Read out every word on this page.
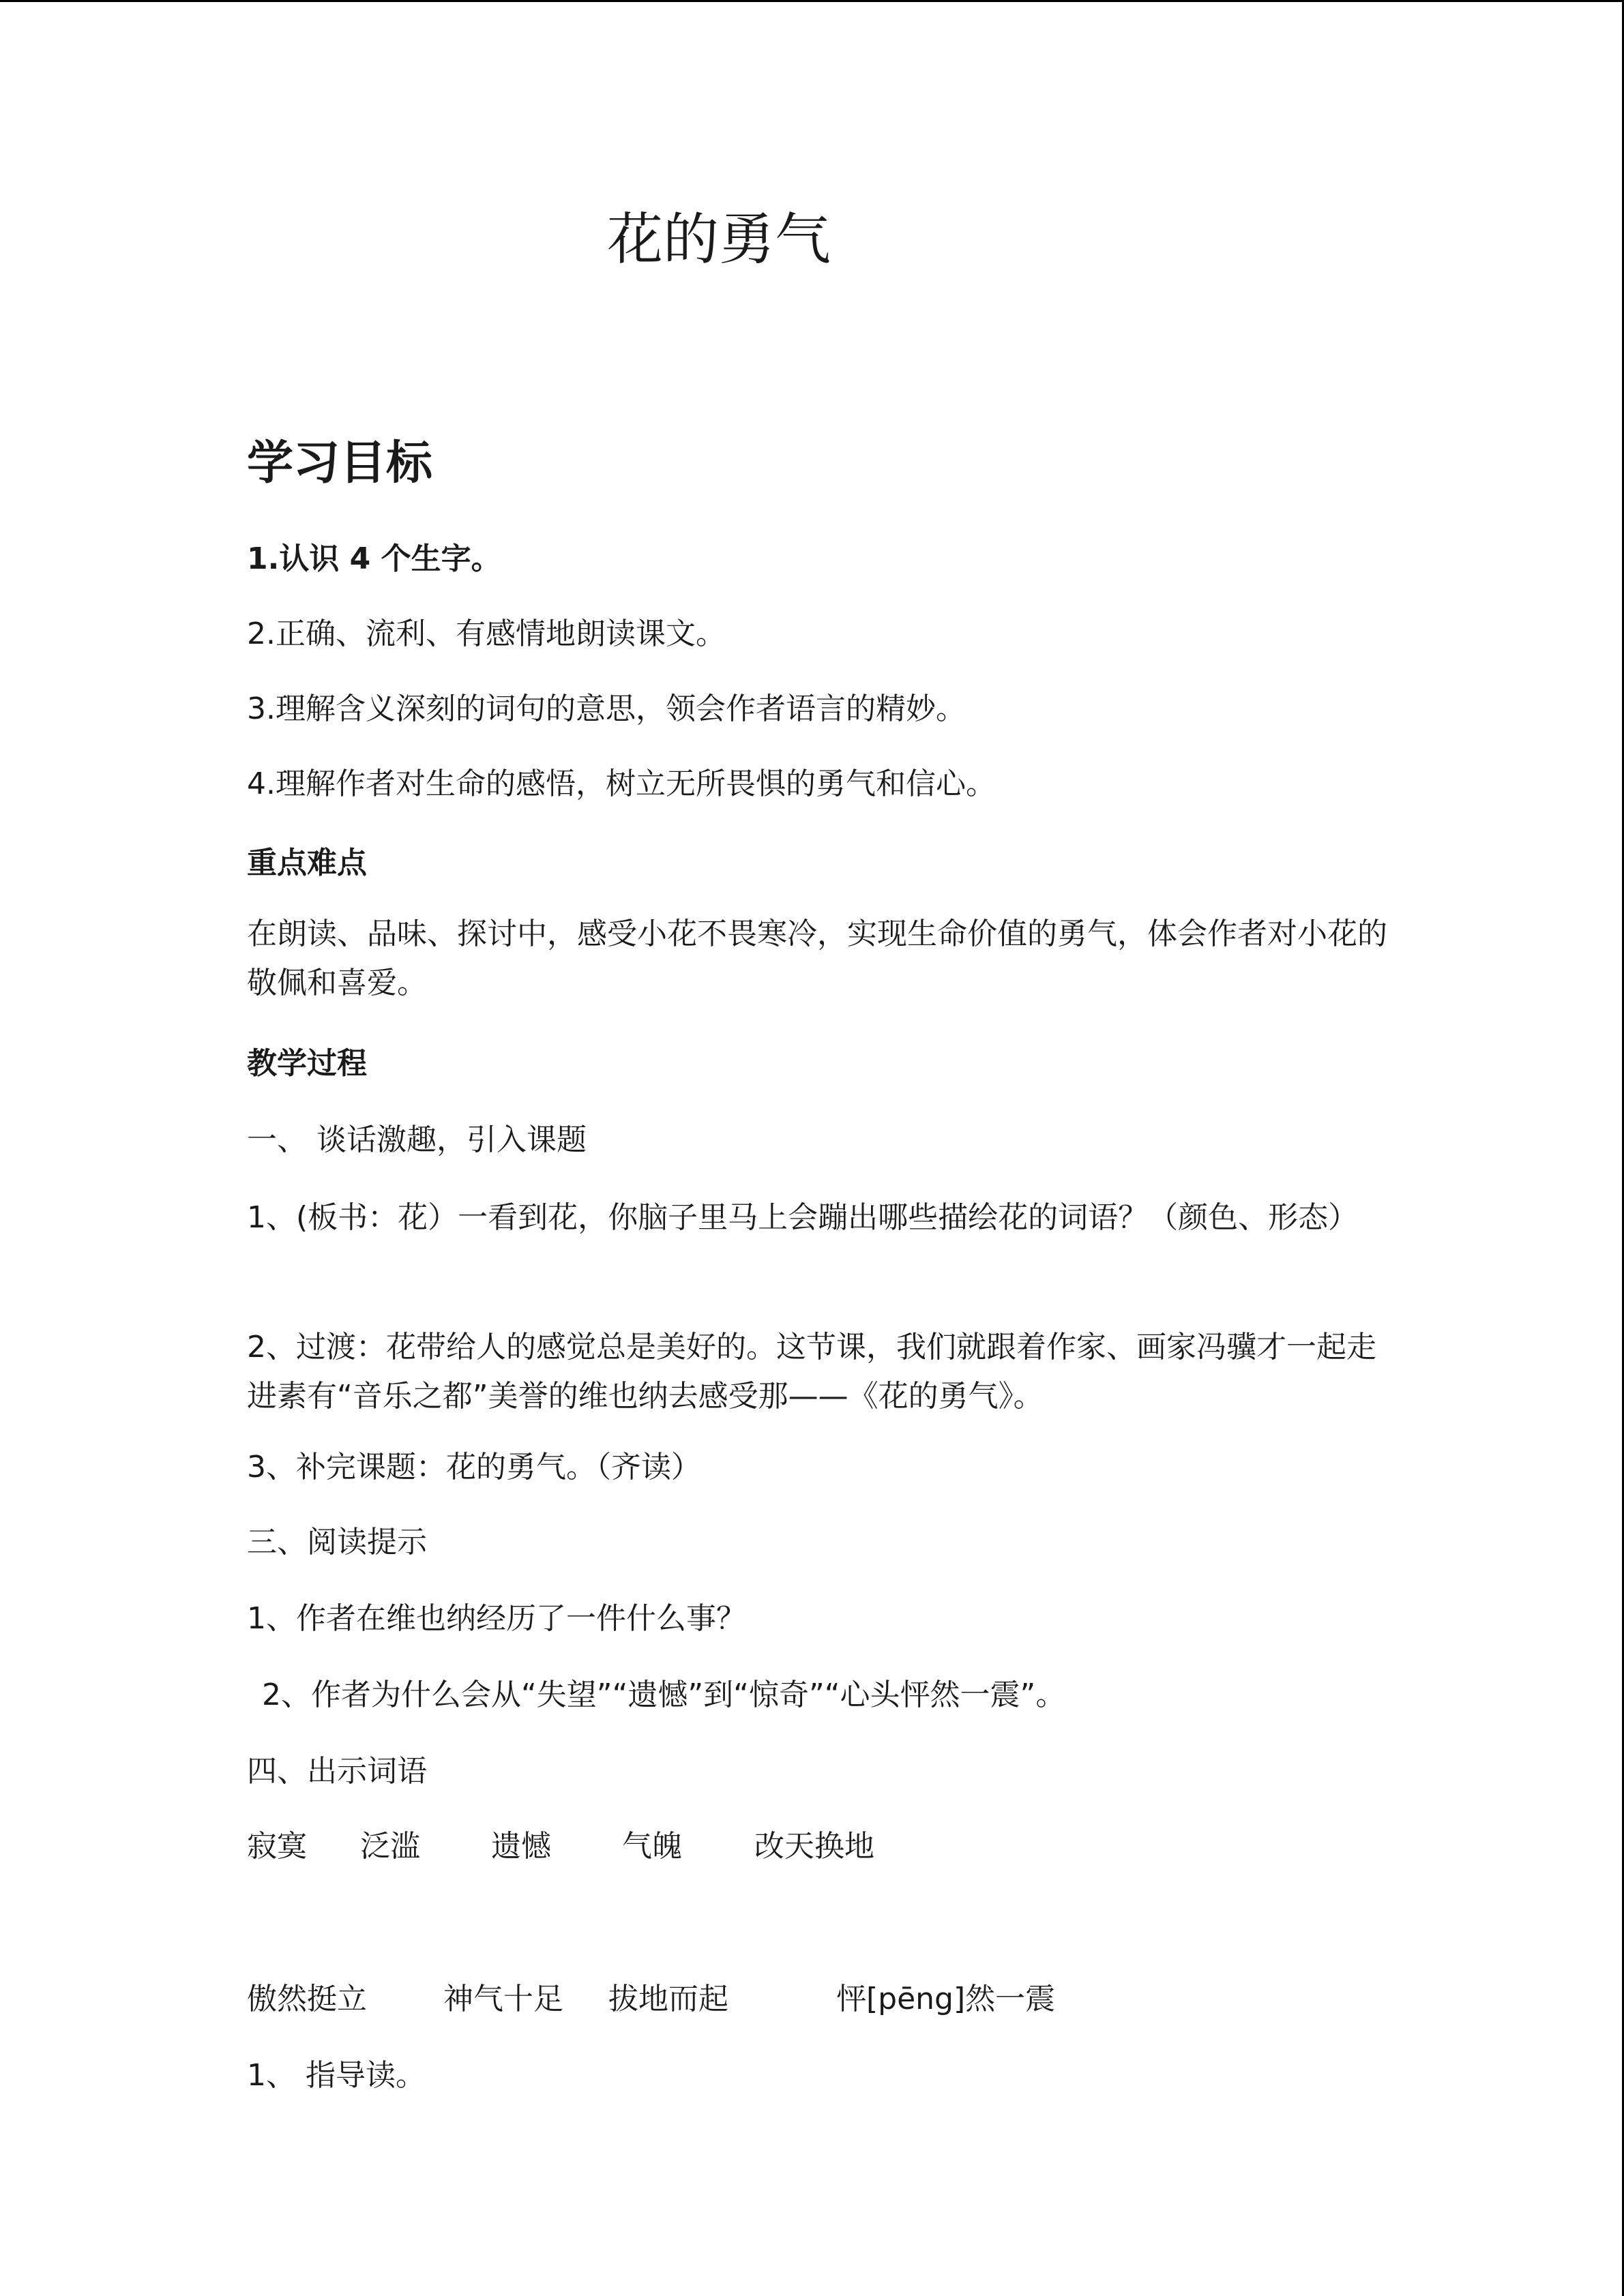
花的勇气
学习目标
1.认识 4 个生字。
2.正确、流利、有感情地朗读课文。
3.理解含义深刻的词句的意思，领会作者语言的精妙。
4.理解作者对生命的感悟，树立无所畏惧的勇气和信心。
重点难点
在朗读、品味、探讨中，感受小花不畏寒冷，实现生命价值的勇气，体会作者对小花的敬佩和喜爱。
教学过程
一、 谈话激趣，引入课题
1、(板书：花）一看到花，你脑子里马上会蹦出哪些描绘花的词语？（颜色、形态）
2、过渡：花带给人的感觉总是美好的。这节课，我们就跟着作家、画家冯骥才一起走进素有“音乐之都”美誉的维也纳去感受那——《花的勇气》。
3、补完课题：花的勇气。（齐读）
三、阅读提示
1、作者在维也纳经历了一件什么事？
2、作者为什么会从“失望”“遗憾”到“惊奇”“心头怦然一震”。
四、出示词语
寂寞 泛滥 遗憾 气魄 改天换地
傲然挺立	神气十足 拔地而起	怦[pēng]然一震
1、 指导读。
